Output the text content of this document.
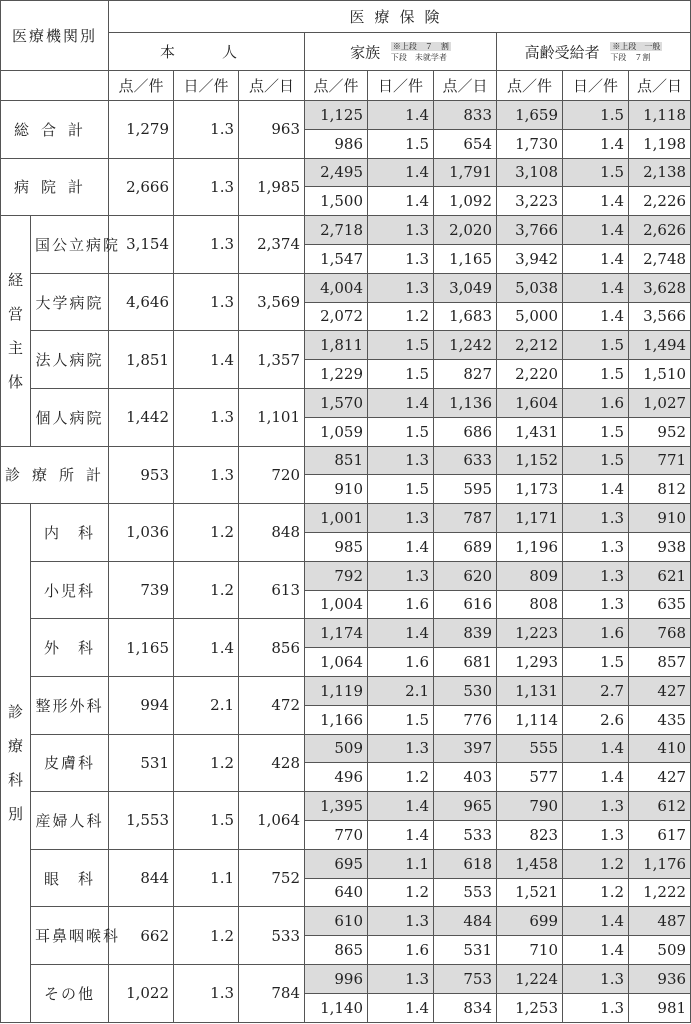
医療機関別		医療保険								
		本　人			家族 ※上段　７　割
下段　未就学者			高齢受給者 ※上段　一般
下段　７割		
		点／件	日／件	点／日	点／件	日／件	点／日	点／件	日／件	点／日
総合計		1,279	1.3	963	1,125	1.4	833	1,659	1.5	1,118
					986	1.5	654	1,730	1.4	1,198
病院計		2,666	1.3	1,985	2,495	1.4	1,791	3,108	1.5	2,138
					1,500	1.4	1,092	3,223	1.4	2,226

経
営
主
体	国公立病院	3,154	1.3	2,374	2,718	1.3	2,020	3,766	1.4	2,626
					1,547	1.3	1,165	3,942	1.4	2,748
	大学病院	4,646	1.3	3,569	4,004	1.3	3,049	5,038	1.4	3,628
					2,072	1.2	1,683	5,000	1.4	3,566
	法人病院	1,851	1.4	1,357	1,811	1.5	1,242	2,212	1.5	1,494
					1,229	1.5	827	2,220	1.5	1,510
	個人病院	1,442	1.3	1,101	1,570	1.4	1,136	1,604	1.6	1,027
					1,059	1.5	686	1,431	1.5	952
診療所計		953	1.3	720	851	1.3	633	1,152	1.5	771
					910	1.5	595	1,173	1.4	812

診
療
科
別	内　科	1,036	1.2	848	1,001	1.3	787	1,171	1.3	910
					985	1.4	689	1,196	1.3	938
	小児科	739	1.2	613	792	1.3	620	809	1.3	621
					1,004	1.6	616	808	1.3	635
	外　科	1,165	1.4	856	1,174	1.4	839	1,223	1.6	768
					1,064	1.6	681	1,293	1.5	857
	整形外科	994	2.1	472	1,119	2.1	530	1,131	2.7	427
					1,166	1.5	776	1,114	2.6	435
	皮膚科	531	1.2	428	509	1.3	397	555	1.4	410
					496	1.2	403	577	1.4	427
	産婦人科	1,553	1.5	1,064	1,395	1.4	965	790	1.3	612
					770	1.4	533	823	1.3	617
	眼　科	844	1.1	752	695	1.1	618	1,458	1.2	1,176
					640	1.2	553	1,521	1.2	1,222
	耳鼻咽喉科	662	1.2	533	610	1.3	484	699	1.4	487
					865	1.6	531	710	1.4	509
	その他	1,022	1.3	784	996	1.3	753	1,224	1.3	936
					1,140	1.4	834	1,253	1.3	981
